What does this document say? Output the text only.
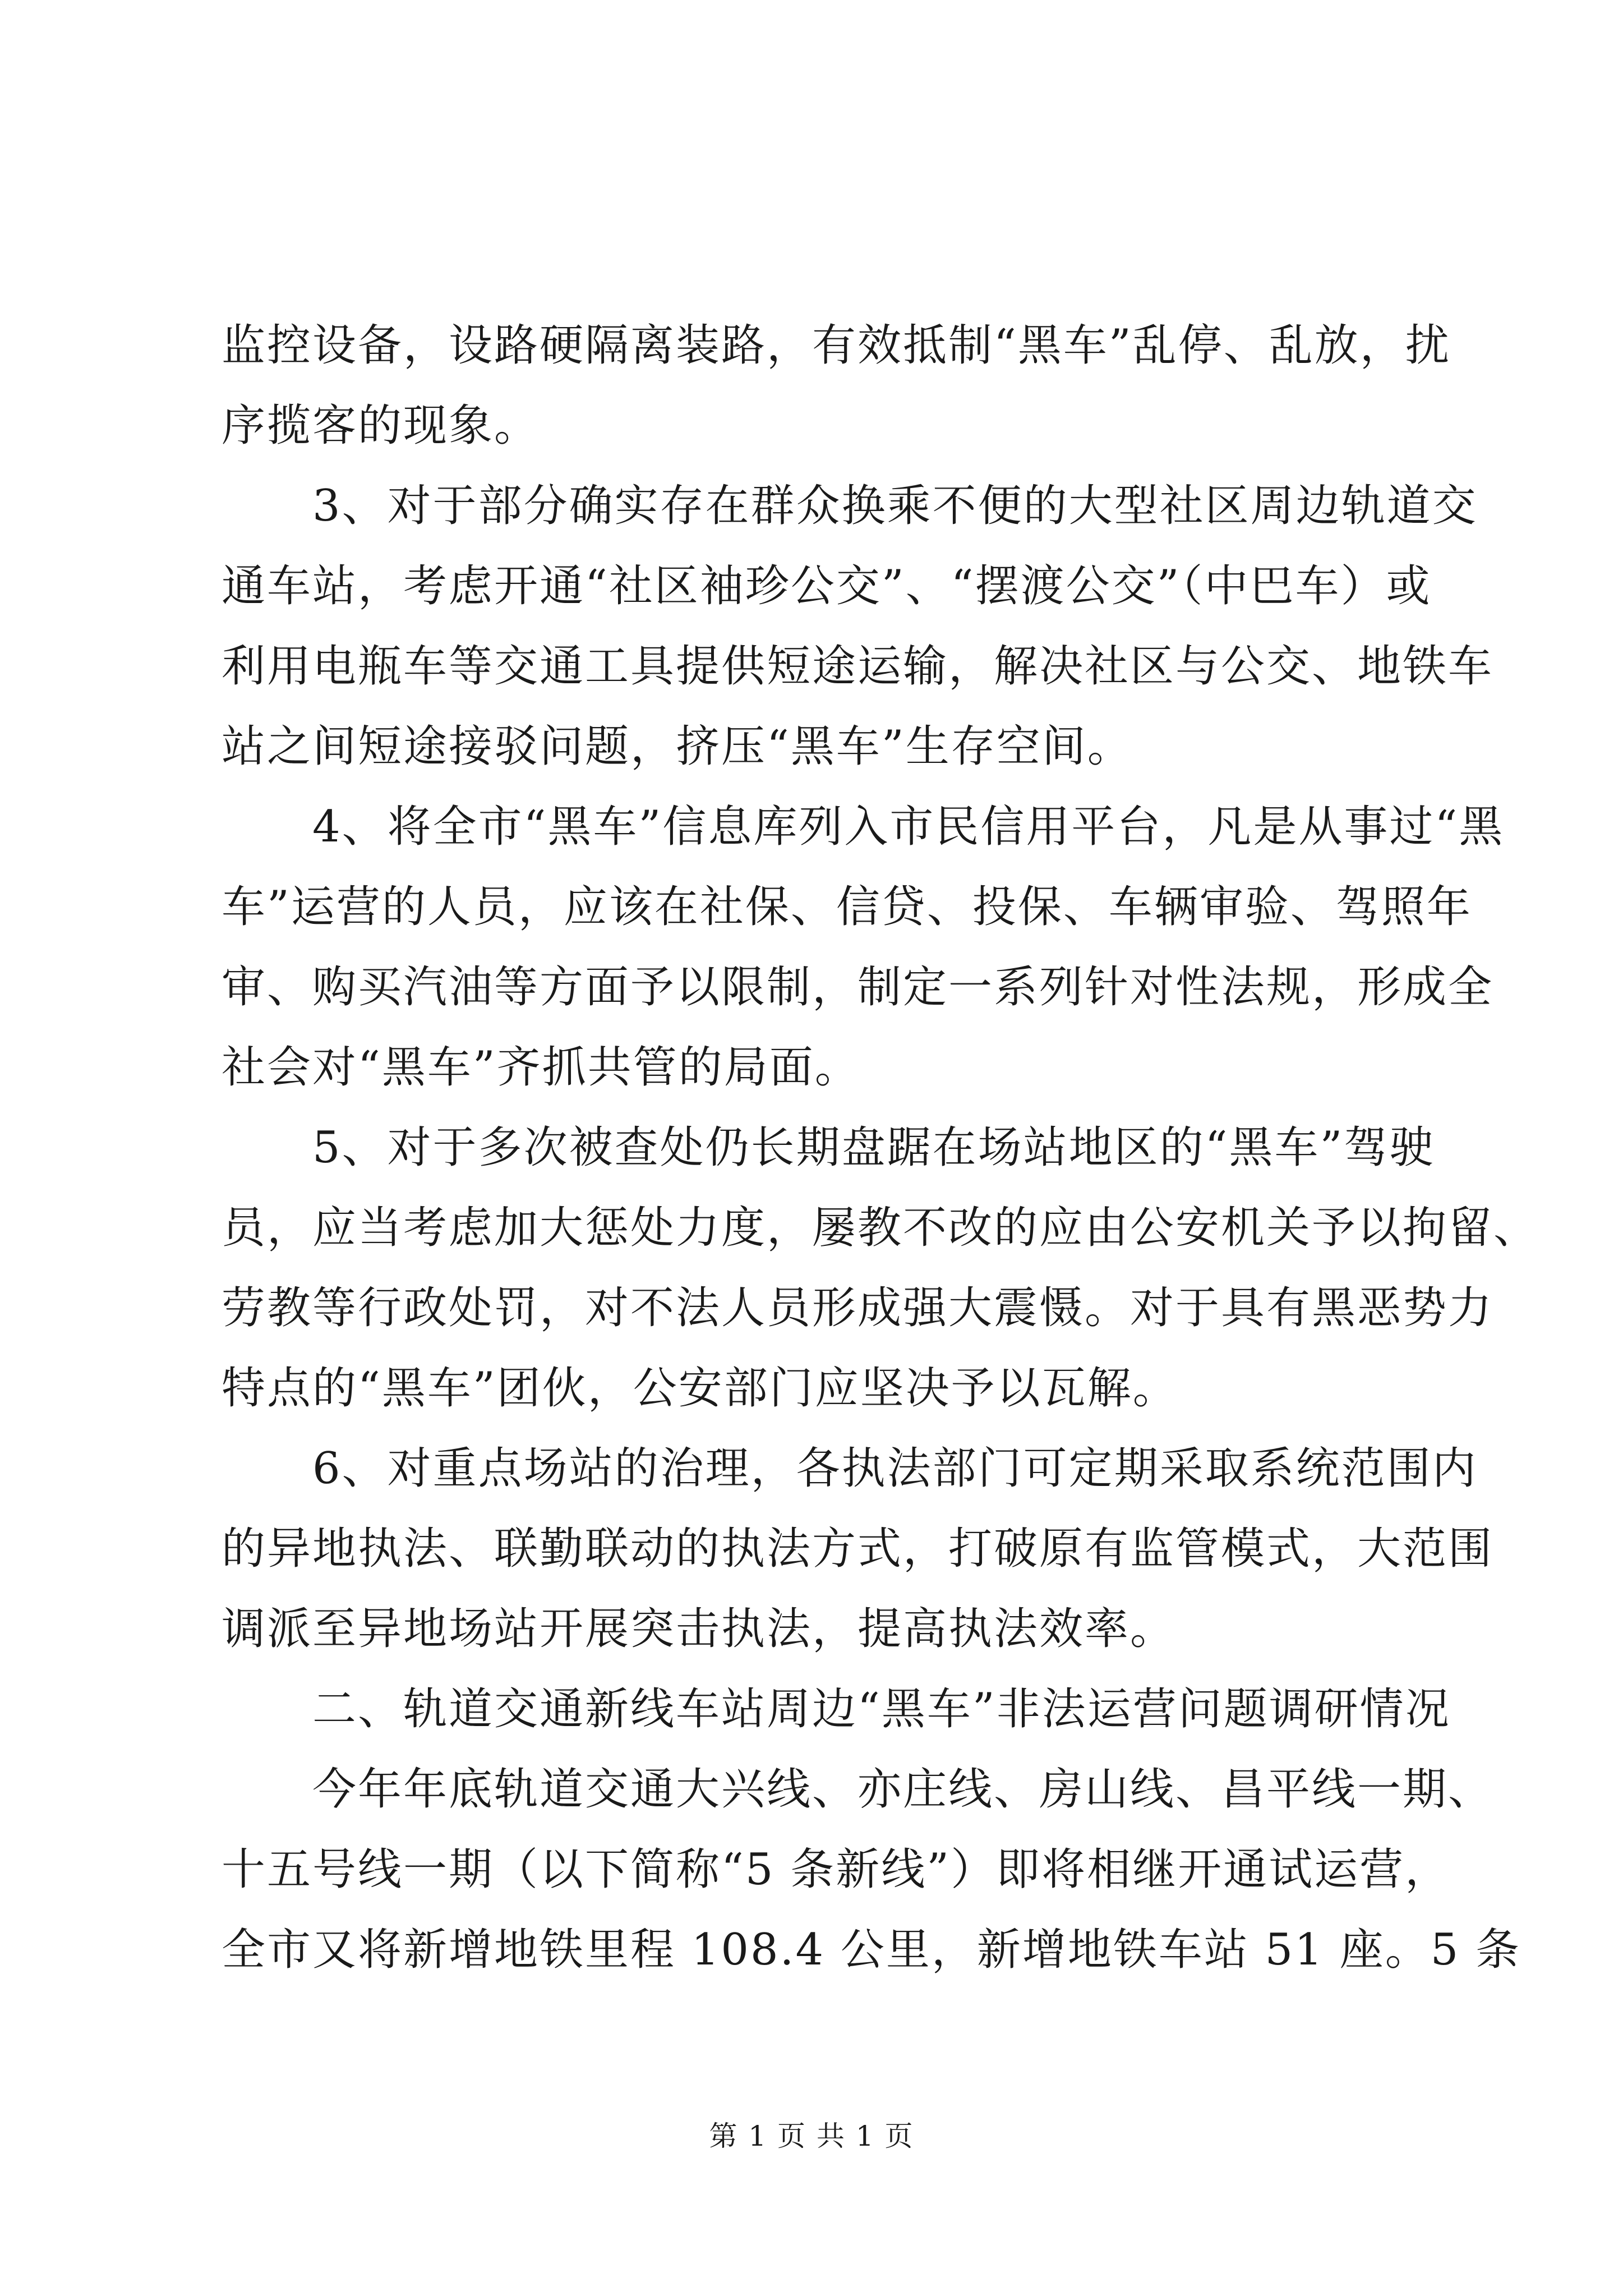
监控设备，设路硬隔离装路，有效抵制“黑车”乱停、乱放，扰
序揽客的现象。
　　3、对于部分确实存在群众换乘不便的大型社区周边轨道交
通车站，考虑开通“社区袖珍公交”、“摆渡公交”（中巴车）或
利用电瓶车等交通工具提供短途运输，解决社区与公交、地铁车
站之间短途接驳问题，挤压“黑车”生存空间。
　　4、将全市“黑车”信息库列入市民信用平台，凡是从事过“黑
车”运营的人员，应该在社保、信贷、投保、车辆审验、驾照年
审、购买汽油等方面予以限制，制定一系列针对性法规，形成全
社会对“黑车”齐抓共管的局面。
　　5、对于多次被查处仍长期盘踞在场站地区的“黑车”驾驶
员，应当考虑加大惩处力度，屡教不改的应由公安机关予以拘留、
劳教等行政处罚，对不法人员形成强大震慑。对于具有黑恶势力
特点的“黑车”团伙，公安部门应坚决予以瓦解。
　　6、对重点场站的治理，各执法部门可定期采取系统范围内
的异地执法、联勤联动的执法方式，打破原有监管模式，大范围
调派至异地场站开展突击执法，提高执法效率。
　　二、轨道交通新线车站周边“黑车”非法运营问题调研情况
　　今年年底轨道交通大兴线、亦庄线、房山线、昌平线一期、
十五号线一期（以下简称“5 条新线”）即将相继开通试运营，
全市又将新增地铁里程 108.4 公里，新增地铁车站 51 座。5 条
第 1 页 共 1 页
